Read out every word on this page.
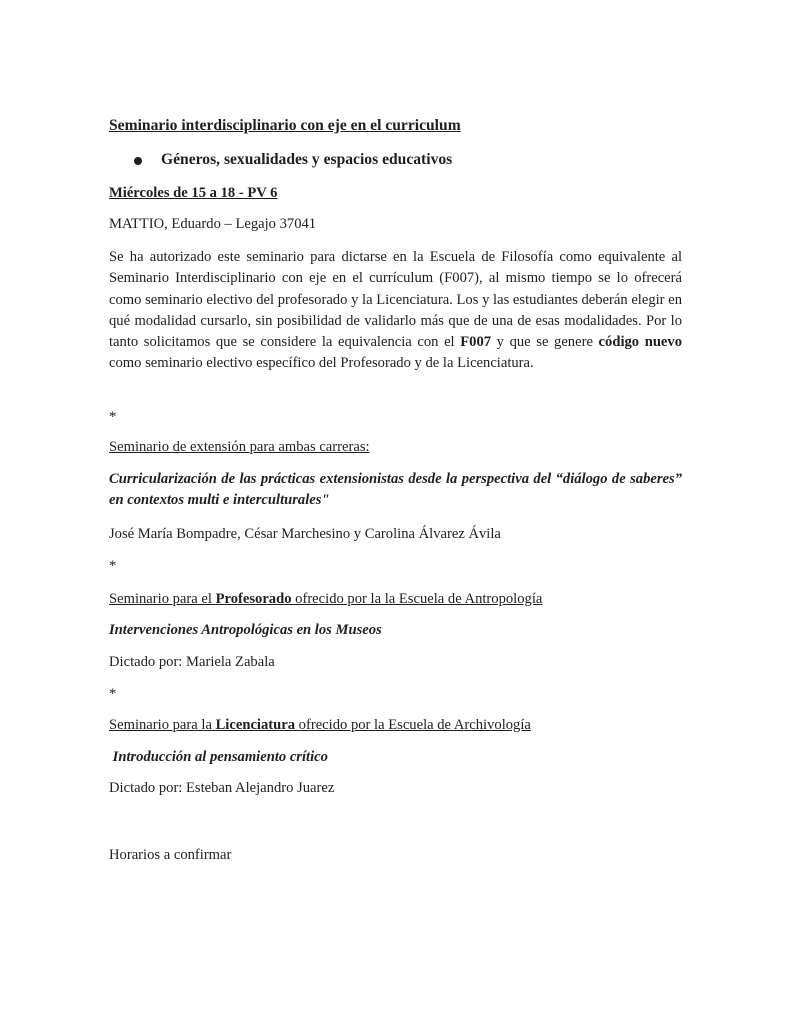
Seminario interdisciplinario con eje en el curriculum

Géneros, sexualidades y espacios educativos

Miércoles de 15 a 18 - PV 6

MATTIO, Eduardo – Legajo 37041

Se ha autorizado este seminario para dictarse en la Escuela de Filosofía como equivalente al Seminario Interdisciplinario con eje en el currículum (F007), al mismo tiempo se lo ofrecerá como seminario electivo del profesorado y la Licenciatura. Los y las estudiantes deberán elegir en qué modalidad cursarlo, sin posibilidad de validarlo más que de una de esas modalidades. Por lo tanto solicitamos que se considere la equivalencia con el F007 y que se genere código nuevo como seminario electivo específico del Profesorado y de la Licenciatura.

*

Seminario de extensión para ambas carreras:

Curricularización de las prácticas extensionistas desde la perspectiva del “diálogo de saberes” en contextos multi e interculturales"

José María Bompadre, César Marchesino y Carolina Álvarez Ávila

*

Seminario para el Profesorado ofrecido por la la Escuela de Antropología

Intervenciones Antropológicas en los Museos

Dictado por: Mariela Zabala

*

Seminario para la Licenciatura ofrecido por la Escuela de Archivología

Introducción al pensamiento crítico

Dictado por: Esteban Alejandro Juarez

Horarios a confirmar
